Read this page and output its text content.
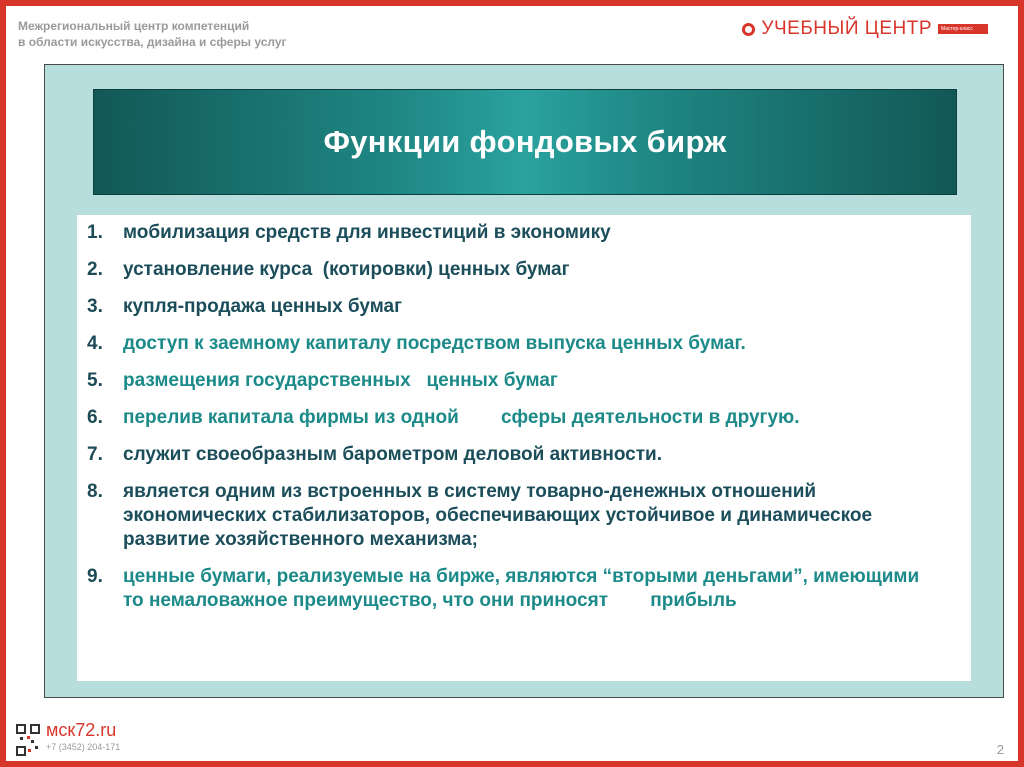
Межрегиональный центр компетенций
в области искусства, дизайна и сферы услуг
УЧЕБНЫЙ ЦЕНТР	Мастер-класс
Функции фондовых бирж
1.	мобилизация средств для инвестиций в экономику
2.	установление курса  (котировки) ценных бумаг
3.	купля-продажа ценных бумаг
4.	доступ к заемному капиталу посредством выпуска ценных бумаг.
5.	размещения государственных   ценных бумаг
6.	перелив капитала фирмы из одной        сферы деятельности в другую.
7.	служит своеобразным барометром деловой активности.
8.	является одним из встроенных в систему товарно-денежных отношений экономических стабилизаторов, обеспечивающих устойчивое и динамическое развитие хозяйственного механизма;
9.	ценные бумаги, реализуемые на бирже, являются “вторыми деньгами”, имеющими то немаловажное преимущество, что они приносят        прибыль
мск72.ru
+7 (3452) 204-171	2
